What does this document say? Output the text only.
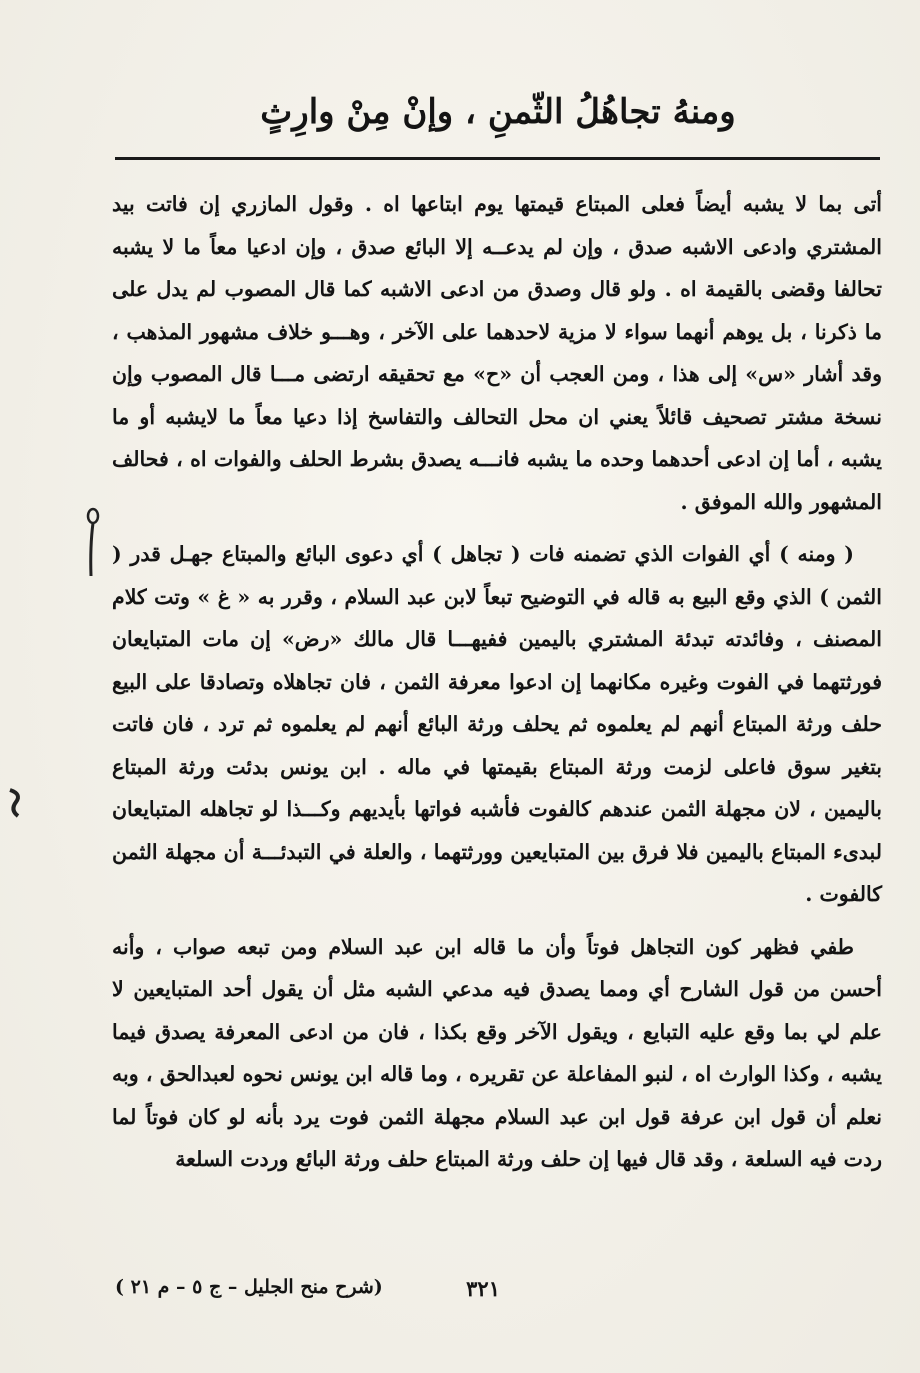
ومنهُ تجاهُلُ الثّمنِ ، وإنْ مِنْ وارِثٍ

أتى بما لا يشبه أيضاً فعلى المبتاع قيمتها يوم ابتاعها اه . وقول المازري إن فاتت بيد المشتري وادعى الاشبه صدق ، وإن لم يدعــه إلا البائع صدق ، وإن ادعيا معاً ما لا يشبه تحالفا وقضى بالقيمة اه . ولو قال وصدق من ادعى الاشبه كما قال المصوب لم يدل على ما ذكرنا ، بل يوهم أنهما سواء لا مزية لاحدهما على الآخر ، وهـــو خلاف مشهور المذهب ، وقد أشار «س» إلى هذا ، ومن العجب أن «ح» مع تحقيقه ارتضى مـــا قال المصوب وإن نسخة مشتر تصحيف قائلاً يعني ان محل التحالف والتفاسخ إذا دعيا معاً ما لايشبه أو ما يشبه ، أما إن ادعى أحدهما وحده ما يشبه فانـــه يصدق بشرط الحلف والفوات اه ، فحالف المشهور والله الموفق .

( ومنه ) أي الفوات الذي تضمنه فات ( تجاهل ) أي دعوى البائع والمبتاع جهـل قدر ( الثمن ) الذي وقع البيع به قاله في التوضيح تبعاً لابن عبد السلام ، وقرر به « غ » وتت كلام المصنف ، وفائدته تبدئة المشتري باليمين ففيهـــا قال مالك «رض» إن مات المتبايعان فورثتهما في الفوت وغيره مكانهما إن ادعوا معرفة الثمن ، فان تجاهلاه وتصادقا على البيع حلف ورثة المبتاع أنهم لم يعلموه ثم يحلف ورثة البائع أنهم لم يعلموه ثم ترد ، فان فاتت بتغير سوق فاعلى لزمت ورثة المبتاع بقيمتها في ماله . ابن يونس بدئت ورثة المبتاع باليمين ، لان مجهلة الثمن عندهم كالفوت فأشبه فواتها بأيديهم وكـــذا لو تجاهله المتبايعان لبدىء المبتاع باليمين فلا فرق بين المتبايعين وورثتهما ، والعلة في التبدئـــة أن مجهلة الثمن كالفوت .

طفي فظهر كون التجاهل فوتاً وأن ما قاله ابن عبد السلام ومن تبعه صواب ، وأنه أحسن من قول الشارح أي ومما يصدق فيه مدعي الشبه مثل أن يقول أحد المتبايعين لا علم لي بما وقع عليه التبايع ، ويقول الآخر وقع بكذا ، فان من ادعى المعرفة يصدق فيما يشبه ، وكذا الوارث اه ، لنبو المفاعلة عن تقريره ، وما قاله ابن يونس نحوه لعبدالحق ، وبه نعلم أن قول ابن عرفة قول ابن عبد السلام مجهلة الثمن فوت يرد بأنه لو كان فوتاً لما ردت فيه السلعة ، وقد قال فيها إن حلف ورثة المبتاع حلف ورثة البائع وردت السلعة

٣٢١
(شرح منح الجليل – ج ٥ – م ٢١ )
